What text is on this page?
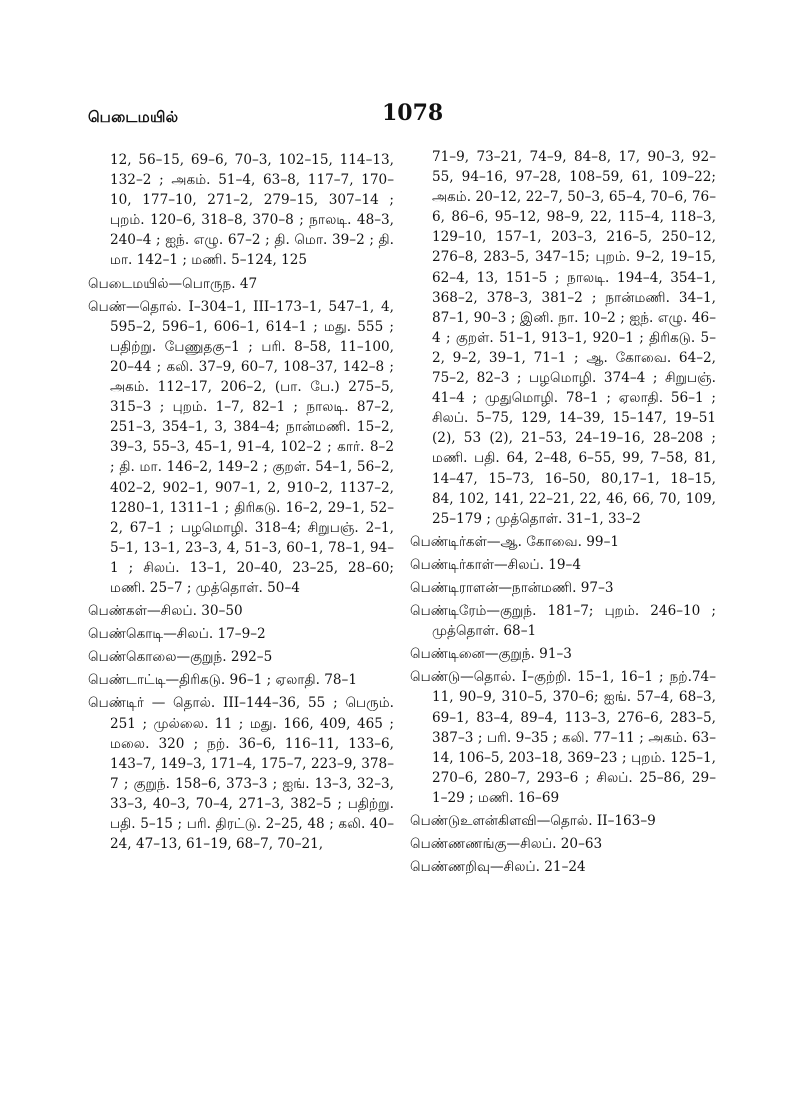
பெடைமயில்	1078
12, 56–15, 69–6, 70–3, 102–15, 114–13, 132–2 ; அகம். 51–4, 63–8, 117–7, 170–10, 177–10, 271–2, 279–15, 307–14 ; புறம். 120–6, 318–8, 370–8 ; நாலடி. 48–3, 240–4 ; ஐந். எழு. 67–2 ; தி. மொ. 39–2 ; தி. மா. 142–1 ; மணி. 5–124, 125
பெடைமயில்—பொருந. 47
பெண்—தொல். I–304–1, III–173–1, 547–1, 4, 595–2, 596–1, 606–1, 614–1 ; மது. 555 ; பதிற்று. பேணுதகு–1 ; பரி. 8–58, 11–100, 20–44 ; கலி. 37–9, 60–7, 108–37, 142–8 ; அகம். 112–17, 206–2, (பா. பே.) 275–5, 315–3 ; புறம். 1–7, 82–1 ; நாலடி. 87–2, 251–3, 354–1, 3, 384–4; நான்மணி. 15–2, 39–3, 55–3, 45–1, 91–4, 102–2 ; கார். 8–2 ; தி. மா. 146–2, 149–2 ; குறள். 54–1, 56–2, 402–2, 902–1, 907–1, 2, 910–2, 1137–2, 1280–1, 1311–1 ; திரிகடு. 16–2, 29–1, 52–2, 67–1 ; பழமொழி. 318–4; சிறுபஞ். 2–1, 5–1, 13–1, 23–3, 4, 51–3, 60–1, 78–1, 94–1 ; சிலப். 13–1, 20–40, 23–25, 28–60; மணி. 25–7 ; முத்தொள். 50–4
பெண்கள்—சிலப். 30–50
பெண்கொடி—சிலப். 17–9–2
பெண்கொலை—குறுந். 292–5
பெண்டாட்டி—திரிகடு. 96–1 ; ஏலாதி. 78–1
பெண்டிர் — தொல். III–144–36, 55 ; பெரும். 251 ; முல்லை. 11 ; மது. 166, 409, 465 ; மலை. 320 ; நற். 36–6, 116–11, 133–6, 143–7, 149–3, 171–4, 175–7, 223–9, 378–7 ; குறுந். 158–6, 373–3 ; ஐங். 13–3, 32–3, 33–3, 40–3, 70–4, 271–3, 382–5 ; பதிற்று. பதி. 5–15 ; பரி. திரட்டு. 2–25, 48 ; கலி. 40–24, 47–13, 61–19, 68–7, 70–21,
71–9, 73–21, 74–9, 84–8, 17, 90–3, 92–55, 94–16, 97–28, 108–59, 61, 109–22; அகம். 20–12, 22–7, 50–3, 65–4, 70–6, 76–6, 86–6, 95–12, 98–9, 22, 115–4, 118–3, 129–10, 157–1, 203–3, 216–5, 250–12, 276–8, 283–5, 347–15; புறம். 9–2, 19–15, 62–4, 13, 151–5 ; நாலடி. 194–4, 354–1, 368–2, 378–3, 381–2 ; நான்மணி. 34–1, 87–1, 90–3 ; இனி. நா. 10–2 ; ஐந். எழு. 46–4 ; குறள். 51–1, 913–1, 920–1 ; திரிகடு. 5–2, 9–2, 39–1, 71–1 ; ஆ. கோவை. 64–2, 75–2, 82–3 ; பழமொழி. 374–4 ; சிறுபஞ். 41–4 ; முதுமொழி. 78–1 ; ஏலாதி. 56–1 ; சிலப். 5–75, 129, 14–39, 15–147, 19–51 (2), 53 (2), 21–53, 24–19–16, 28–208 ; மணி. பதி. 64, 2–48, 6–55, 99, 7–58, 81, 14–47, 15–73, 16–50, 80,17–1, 18–15, 84, 102, 141, 22–21, 22, 46, 66, 70, 109, 25–179 ; முத்தொள். 31–1, 33–2
பெண்டிர்கள்—ஆ. கோவை. 99–1
பெண்டிர்காள்—சிலப். 19–4
பெண்டிராளன்—நான்மணி. 97–3
பெண்டிரேம்—குறுந். 181–7; புறம். 246–10 ; முத்தொள். 68–1
பெண்டினை—குறுந். 91–3
பெண்டு—தொல். I–குற்றி. 15–1, 16–1 ; நற்.74–11, 90–9, 310–5, 370–6; ஐங். 57–4, 68–3, 69–1, 83–4, 89–4, 113–3, 276–6, 283–5, 387–3 ; பரி. 9–35 ; கலி. 77–11 ; அகம். 63–14, 106–5, 203–18, 369–23 ; புறம். 125–1, 270–6, 280–7, 293–6 ; சிலப். 25–86, 29–1–29 ; மணி. 16–69
பெண்டுஉளன்கிளவி—தொல். II–163–9
பெண்ணணங்கு—சிலப். 20–63
பெண்ணறிவு—சிலப். 21–24
